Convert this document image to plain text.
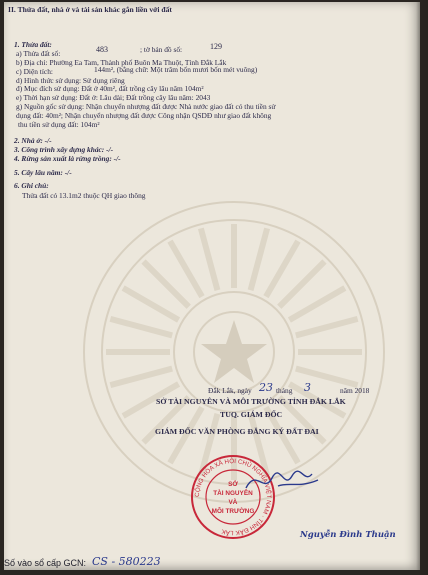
II. Thửa đất, nhà ở và tài sản khác gắn liền với đất
1. Thửa đất:
a) Thửa đất số:	483	; tờ bản đồ số:	129
b) Địa chỉ: Phường Ea Tam, Thành phố Buôn Ma Thuột, Tỉnh Đắk Lắk
c) Diện tích:	144m², (bằng chữ: Một trăm bốn mươi bốn mét vuông)
d) Hình thức sử dụng: Sử dụng riêng
đ) Mục đích sử dụng: Đất ở 40m², đất trồng cây lâu năm 104m²
e) Thời hạn sử dụng: Đất ở: Lâu dài; Đất trồng cây lâu năm: 2043
g) Nguồn gốc sử dụng: Nhận chuyển nhượng đất được Nhà nước giao đất có thu tiền sử
dụng đất: 40m²; Nhận chuyển nhượng đất được Công nhận QSDĐ như giao đất không
thu tiền sử dụng đất: 104m²
2. Nhà ở: -/-
3. Công trình xây dựng khác: -/-
4. Rừng sản xuất là rừng trồng: -/-
5. Cây lâu năm: -/-
6. Ghi chú:
Thửa đất có 13.1m2 thuộc QH giao thông
Đắk Lắk, ngày 23 tháng 3	năm 2018
SỞ TÀI NGUYÊN VÀ MÔI TRƯỜNG TỈNH ĐẮK LẮK
TUQ. GIÁM ĐỐC
GIÁM ĐỐC VĂN PHÒNG ĐĂNG KÝ ĐẤT ĐAI
CỘNG HÒA XÃ HỘI CHỦ NGHĨA VIỆT NAM · TỈNH ĐẮK LẮK
SỞ
TÀI NGUYÊN
VÀ
MÔI TRƯỜNG
Nguyễn Đình Thuận
Số vào sổ cấp GCN: CS - 580223
